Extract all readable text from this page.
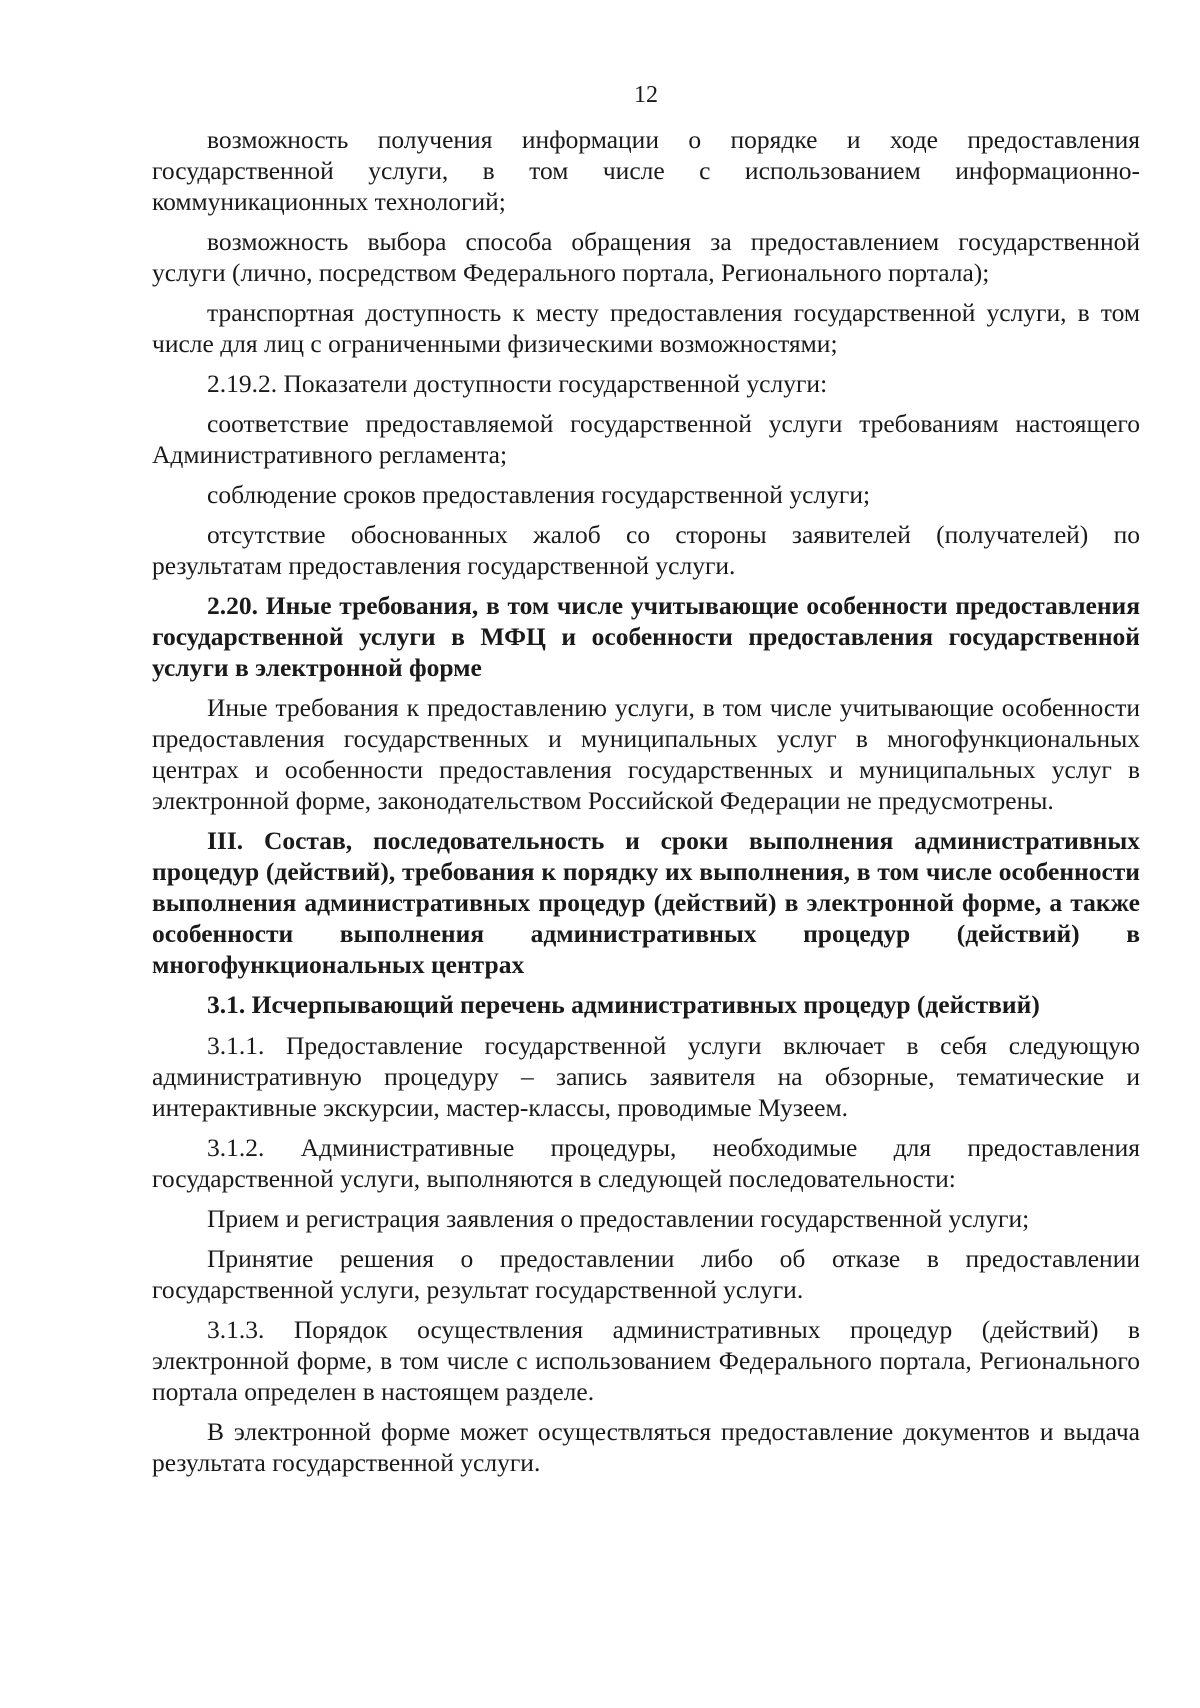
12

возможность получения информации о порядке и ходе предоставления государственной услуги, в том числе с использованием информационно-коммуникационных технологий;

возможность выбора способа обращения за предоставлением государственной услуги (лично, посредством Федерального портала, Регионального портала);

транспортная доступность к месту предоставления государственной услуги, в том числе для лиц с ограниченными физическими возможностями;

2.19.2. Показатели доступности государственной услуги:

соответствие предоставляемой государственной услуги требованиям настоящего Административного регламента;

соблюдение сроков предоставления государственной услуги;

отсутствие обоснованных жалоб со стороны заявителей (получателей) по результатам предоставления государственной услуги.

2.20. Иные требования, в том числе учитывающие особенности предоставления государственной услуги в МФЦ и особенности предоставления государственной услуги в электронной форме

Иные требования к предоставлению услуги, в том числе учитывающие особенности предоставления государственных и муниципальных услуг в многофункциональных центрах и особенности предоставления государственных и муниципальных услуг в электронной форме, законодательством Российской Федерации не предусмотрены.

III. Состав, последовательность и сроки выполнения административных процедур (действий), требования к порядку их выполнения, в том числе особенности выполнения административных процедур (действий) в электронной форме, а также особенности выполнения административных процедур (действий) в многофункциональных центрах
3.1. Исчерпывающий перечень административных процедур (действий)

3.1.1. Предоставление государственной услуги включает в себя следующую административную процедуру – запись заявителя на обзорные, тематические и интерактивные экскурсии, мастер-классы, проводимые Музеем.

3.1.2. Административные процедуры, необходимые для предоставления государственной услуги, выполняются в следующей последовательности:

Прием и регистрация заявления о предоставлении государственной услуги;

Принятие решения о предоставлении либо об отказе в предоставлении государственной услуги, результат государственной услуги.

3.1.3. Порядок осуществления административных процедур (действий) в электронной форме, в том числе с использованием Федерального портала, Регионального портала определен в настоящем разделе.

В электронной форме может осуществляться предоставление документов и выдача результата государственной услуги.
